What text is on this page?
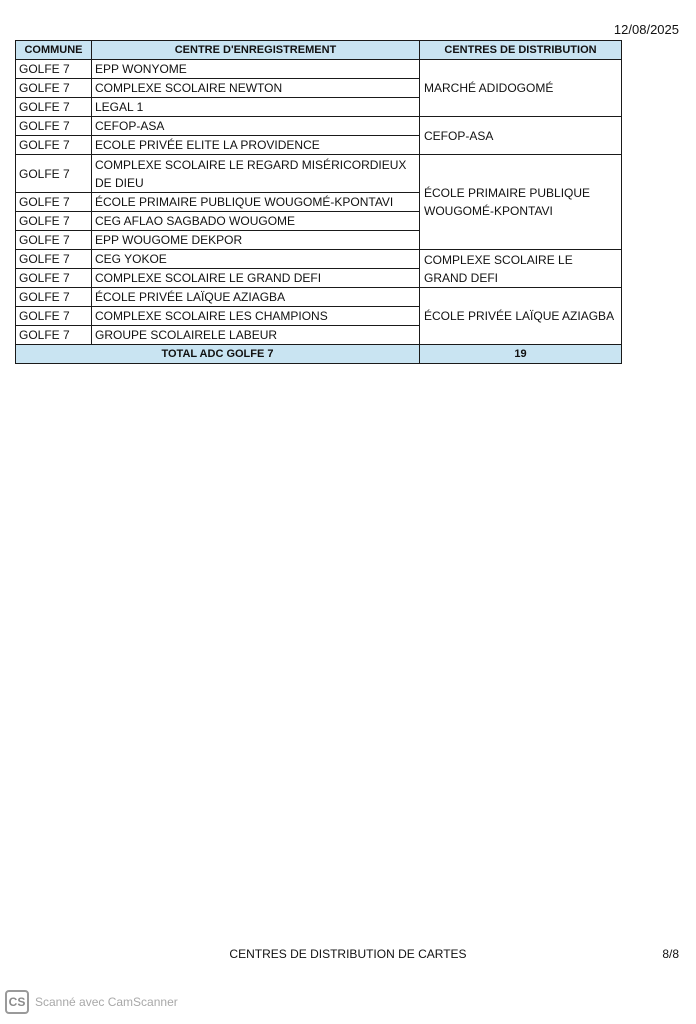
12/08/2025
COMMUNE	CENTRE D'ENREGISTREMENT	CENTRES DE DISTRIBUTION
GOLFE 7	EPP WONYOME	MARCHÉ ADIDOGOMÉ
GOLFE 7	COMPLEXE SCOLAIRE NEWTON	
GOLFE 7	LEGAL 1	
GOLFE 7	CEFOP-ASA	CEFOP-ASA
GOLFE 7	ECOLE PRIVÉE ELITE LA PROVIDENCE	
GOLFE 7	COMPLEXE SCOLAIRE LE REGARD MISÉRICORDIEUX DE DIEU	ÉCOLE PRIMAIRE PUBLIQUE WOUGOMÉ-KPONTAVI
GOLFE 7	ÉCOLE PRIMAIRE PUBLIQUE WOUGOMÉ-KPONTAVI	
GOLFE 7	CEG AFLAO SAGBADO WOUGOME	
GOLFE 7	EPP WOUGOME DEKPOR	
GOLFE 7	CEG YOKOE	COMPLEXE SCOLAIRE LE GRAND DEFI
GOLFE 7	COMPLEXE SCOLAIRE LE GRAND DEFI	
GOLFE 7	ÉCOLE PRIVÉE LAÏQUE AZIAGBA	ÉCOLE PRIVÉE LAÏQUE AZIAGBA
GOLFE 7	COMPLEXE SCOLAIRE LES CHAMPIONS	
GOLFE 7	GROUPE SCOLAIRELE LABEUR	
TOTAL ADC GOLFE 7		19
CENTRES DE DISTRIBUTION DE CARTES	8/8
CS Scanné avec CamScanner
